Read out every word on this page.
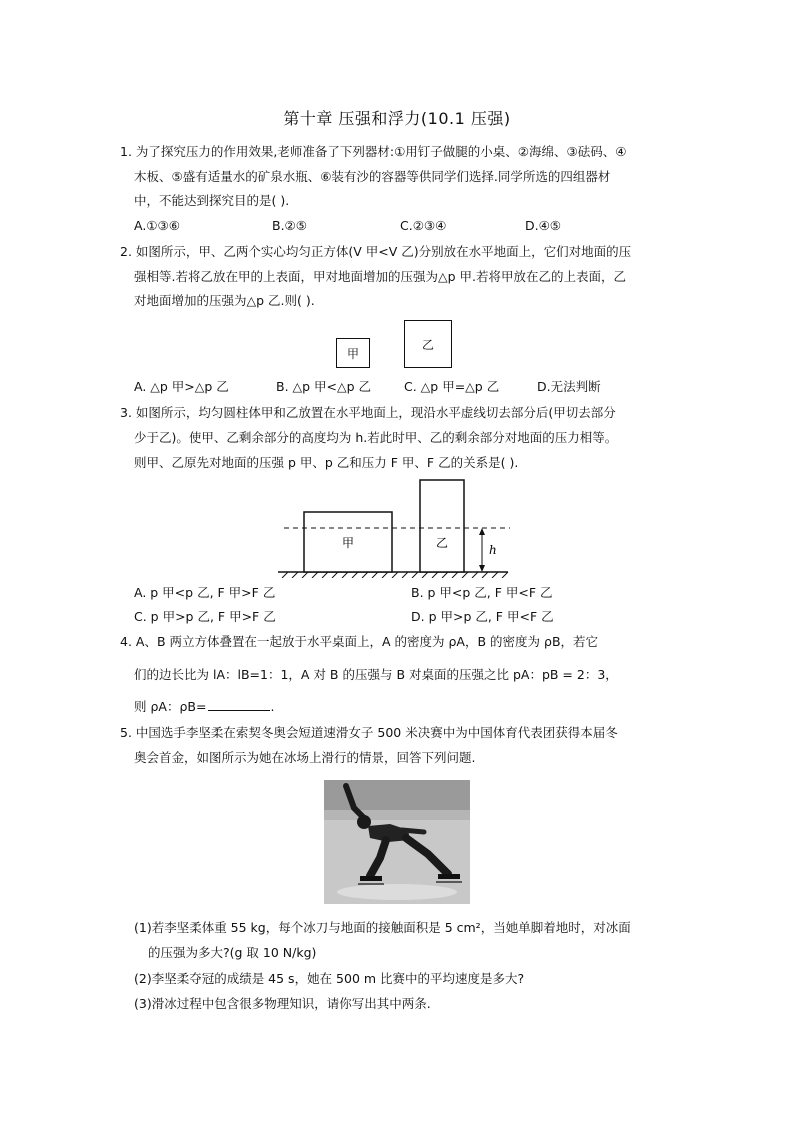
第十章 压强和浮力(10.1 压强)
1. 为了探究压力的作用效果,老师准备了下列器材:①用钉子做腿的小桌、②海绵、③砝码、④
木板、⑤盛有适量水的矿泉水瓶、⑥装有沙的容器等供同学们选择.同学所选的四组器材
中，不能达到探究目的是( ).
A.①③⑥	B.②⑤	C.②③④	D.④⑤
2. 如图所示，甲、乙两个实心均匀正方体(V 甲<V 乙)分别放在水平地面上，它们对地面的压
强相等.若将乙放在甲的上表面，甲对地面增加的压强为△p 甲.若将甲放在乙的上表面，乙
对地面增加的压强为△p 乙.则( ).
甲
乙
A. △p 甲>△p 乙	B. △p 甲<△p 乙	C. △p 甲=△p 乙	D.无法判断
3. 如图所示，均匀圆柱体甲和乙放置在水平地面上，现沿水平虚线切去部分后(甲切去部分
少于乙)。使甲、乙剩余部分的高度均为 h.若此时甲、乙的剩余部分对地面的压力相等。
则甲、乙原先对地面的压强 p 甲、p 乙和压力 F 甲、F 乙的关系是( ).
甲	乙	h
A. p 甲<p 乙, F 甲>F 乙	B. p 甲<p 乙, F 甲<F 乙
C. p 甲>p 乙, F 甲>F 乙	D. p 甲>p 乙, F 甲<F 乙
4. A、B 两立方体叠置在一起放于水平桌面上，A 的密度为 ρA，B 的密度为 ρB，若它
们的边长比为 lA：lB=1：1，A 对 B 的压强与 B 对桌面的压强之比 pA：pB = 2：3，
则 ρA：ρB=	.
5. 中国选手李坚柔在索契冬奥会短道速滑女子 500 米决赛中为中国体育代表团获得本届冬
奥会首金，如图所示为她在冰场上滑行的情景，回答下列问题.
(1)若李坚柔体重 55 kg，每个冰刀与地面的接触面积是 5 cm²，当她单脚着地时，对冰面
的压强为多大?(g 取 10 N/kg)
(2)李坚柔夺冠的成绩是 45 s，她在 500 m 比赛中的平均速度是多大?
(3)滑冰过程中包含很多物理知识，请你写出其中两条.
